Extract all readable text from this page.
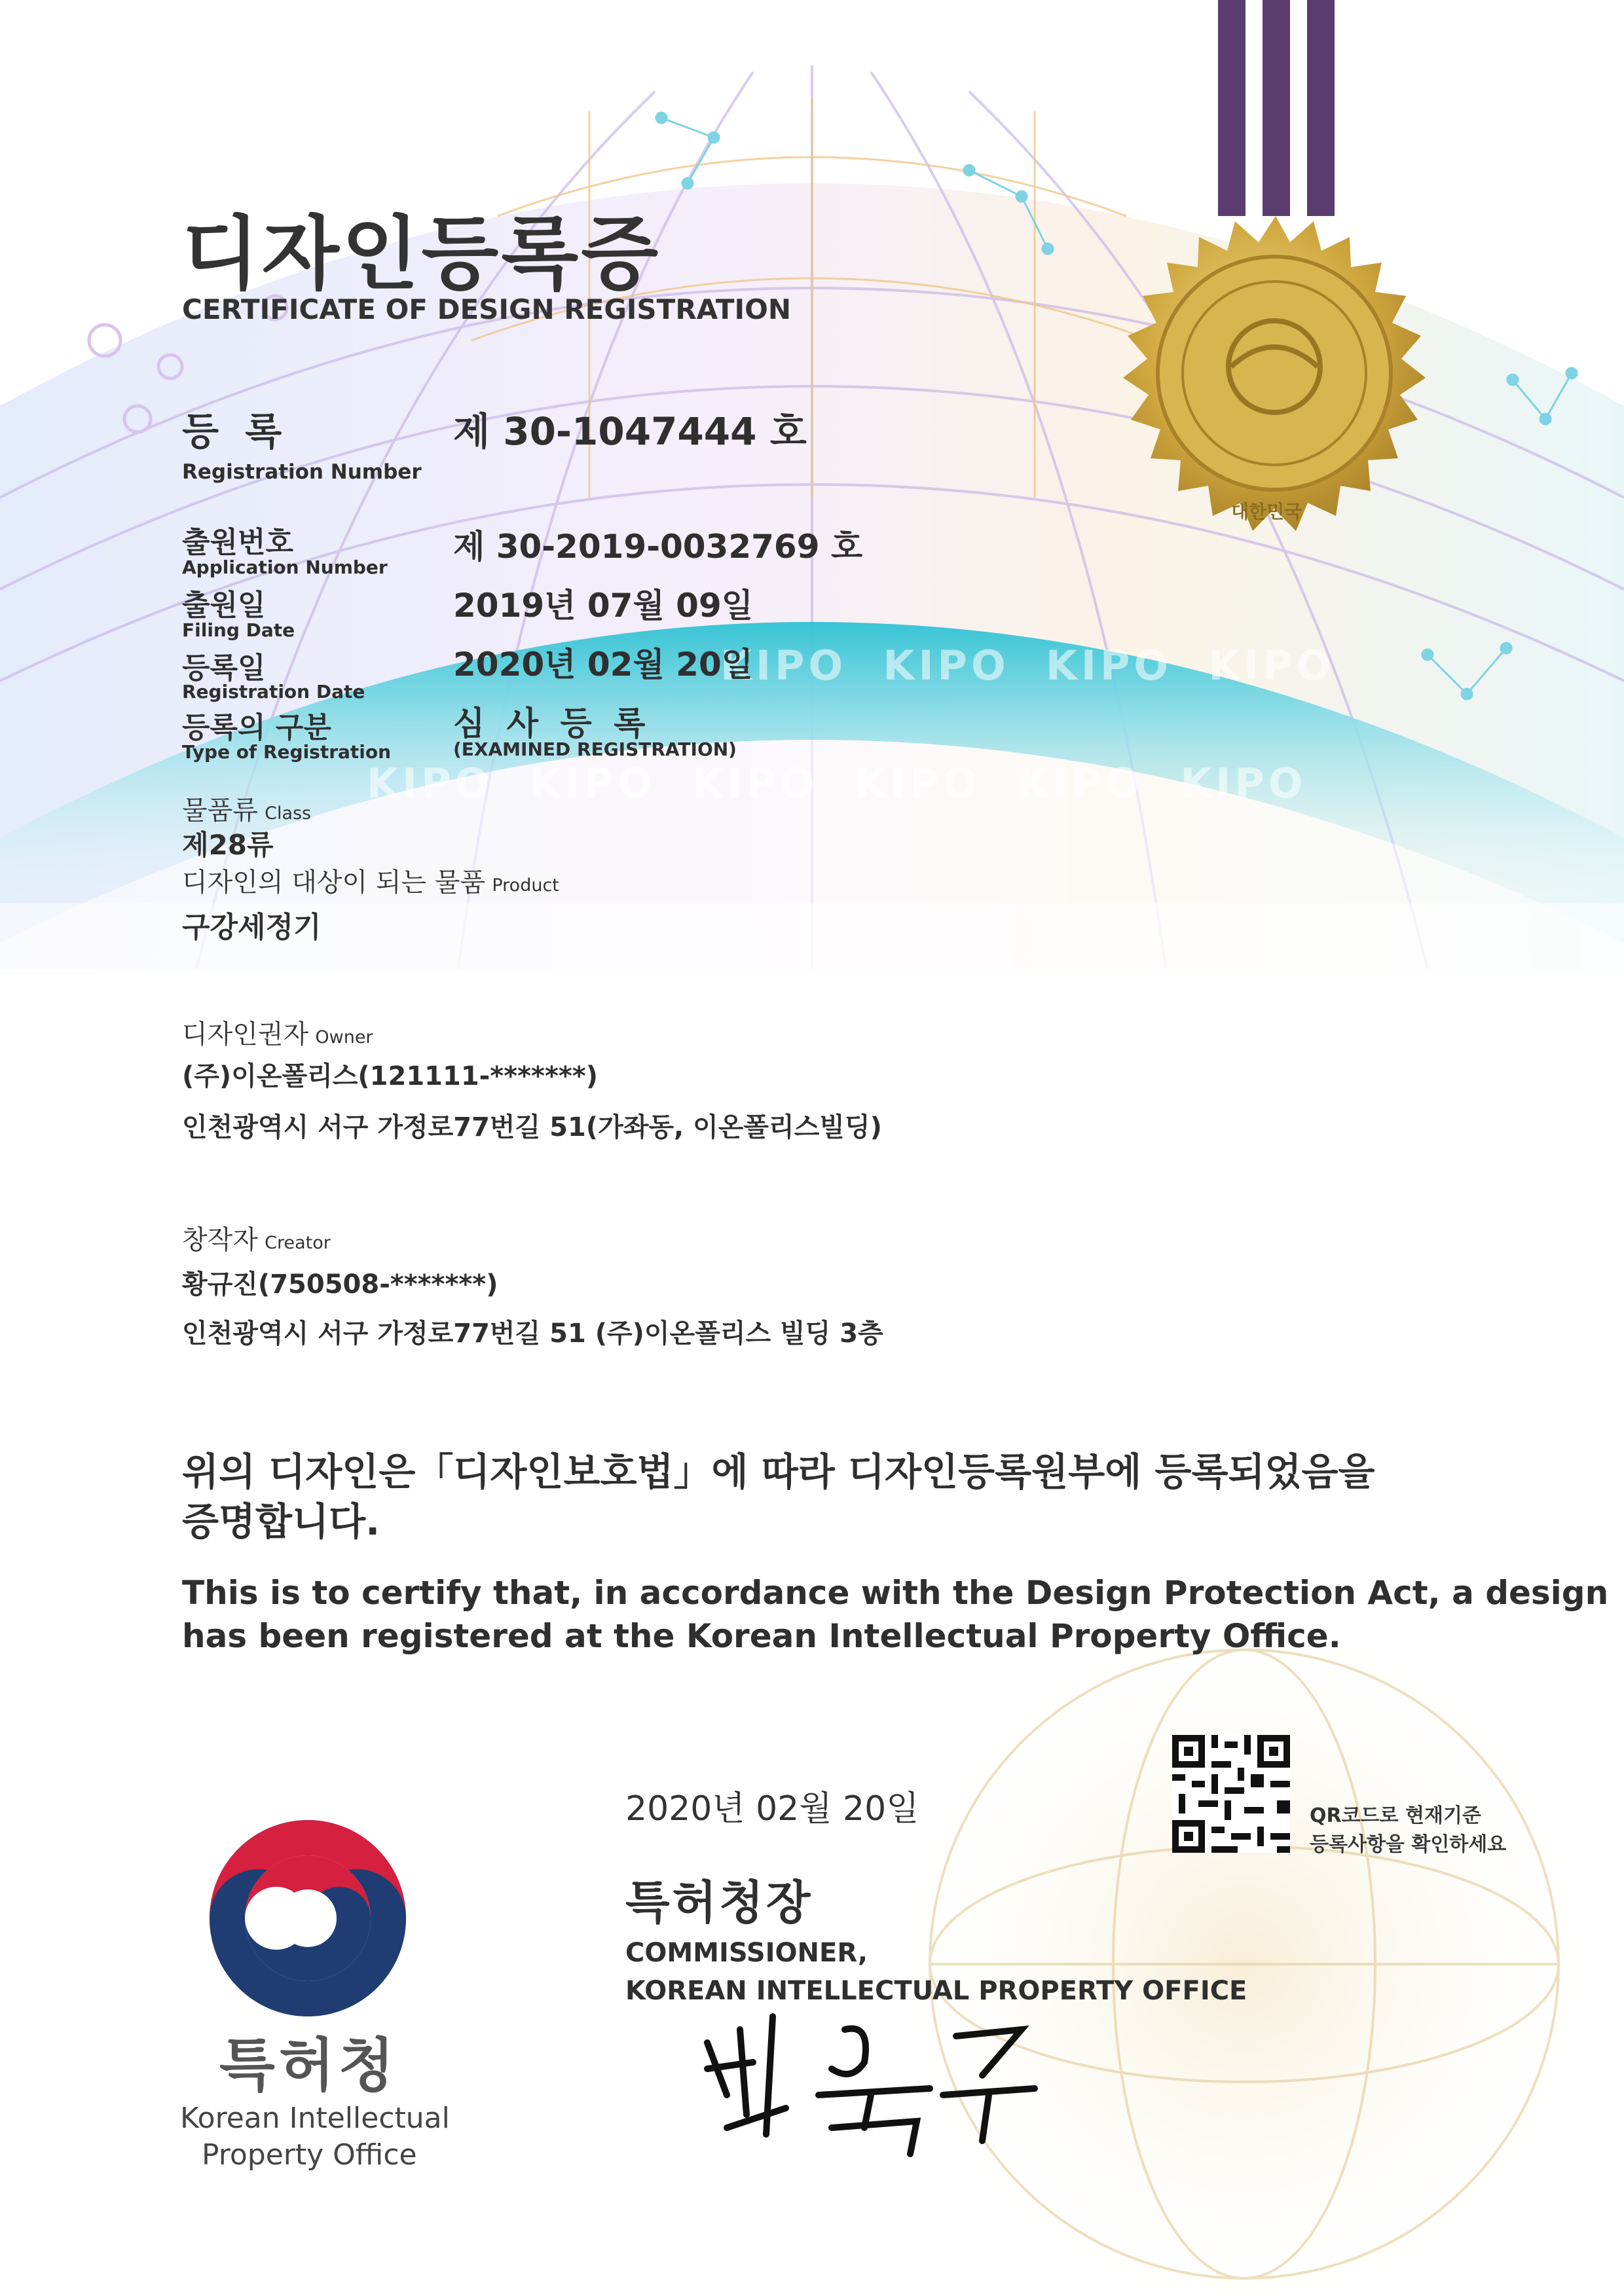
KIPO KIPO KIPO KIPO
KIPO KIPO KIPO KIPO KIPO KIPO
대한민국
디자인등록증
CERTIFICATE OF DESIGN REGISTRATION
등 록
Registration Number
제 30-1047444 호
출원번호
Application Number
제 30-2019-0032769 호
출원일
Filing Date
2019년 07월 09일
등록일
Registration Date
2020년 02월 20일
등록의 구분
Type of Registration
심 사 등 록
(EXAMINED REGISTRATION)
물품류 Class
제28류
디자인의 대상이 되는 물품 Product
구강세정기
디자인권자 Owner
(주)이온폴리스(121111-*******)
인천광역시 서구 가정로77번길 51(가좌동, 이온폴리스빌딩)
창작자 Creator
황규진(750508-*******)
인천광역시 서구 가정로77번길 51 (주)이온폴리스 빌딩 3층
위의 디자인은「디자인보호법」에 따라 디자인등록원부에 등록되었음을
증명합니다.
This is to certify that, in accordance with the Design Protection Act, a design
has been registered at the Korean Intellectual Property Office.
2020년 02월 20일	QR코드로 현재기준
등록사항을 확인하세요
특허청장
COMMISSIONER,
KOREAN INTELLECTUAL PROPERTY OFFICE
특허청
Korean Intellectual
Property Office
